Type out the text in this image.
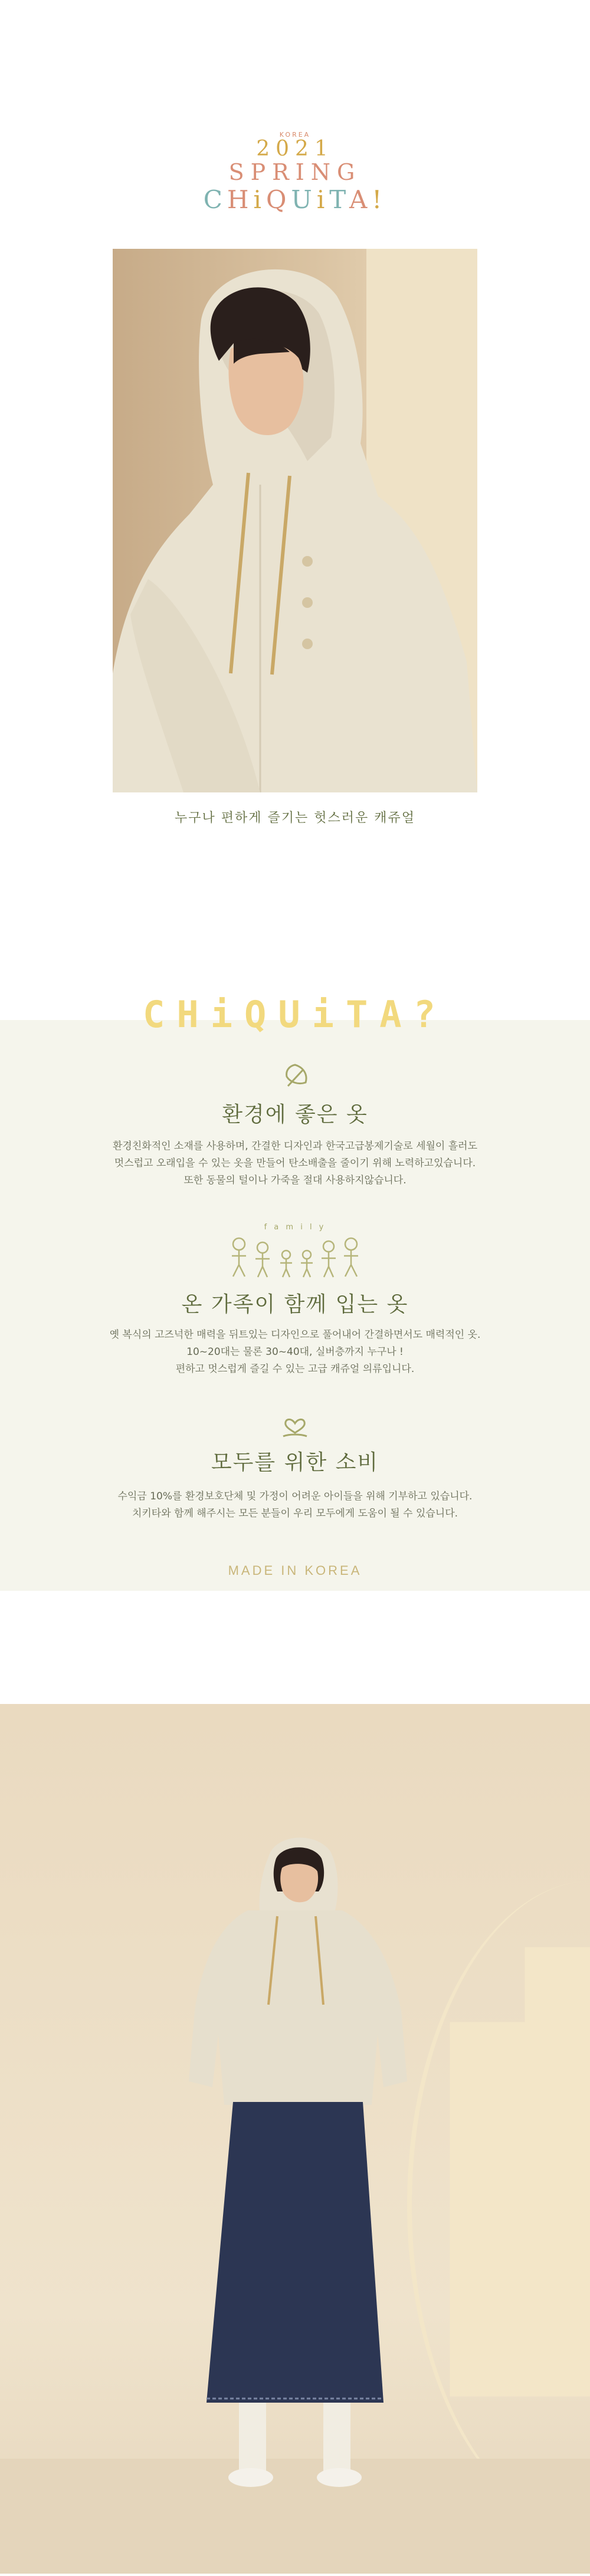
KOREA
2021
SPRING
CHiQUiTA!
누구나 편하게 즐기는 헛스러운 캐쥬얼
CHiQUiTA?
환경에 좋은 옷
환경친화적인 소재를 사용하며, 간결한 디자인과 한국고급봉제기술로 세월이 흘러도
멋스럽고 오래입을 수 있는 옷을 만들어 탄소배출을 줄이기 위해 노력하고있습니다.
또한 동물의 털이나 가죽을 절대 사용하지않습니다.
f a m i l y
온 가족이 함께 입는 옷
옛 복식의 고즈넉한 매력을 뒤트있는 디자인으로 풀어내어 간결하면서도 매력적인 옷.
10~20대는 물론 30~40대, 실버층까지 누구나 !
편하고 멋스럽게 즐길 수 있는 고급 캐쥬얼 의류입니다.
모두를 위한 소비
수익금 10%를 환경보호단체 및 가정이 어려운 아이들을 위해 기부하고 있습니다.
치키타와 함께 해주시는 모든 분들이 우리 모두에게 도움이 될 수 있습니다.
MADE IN KOREA
